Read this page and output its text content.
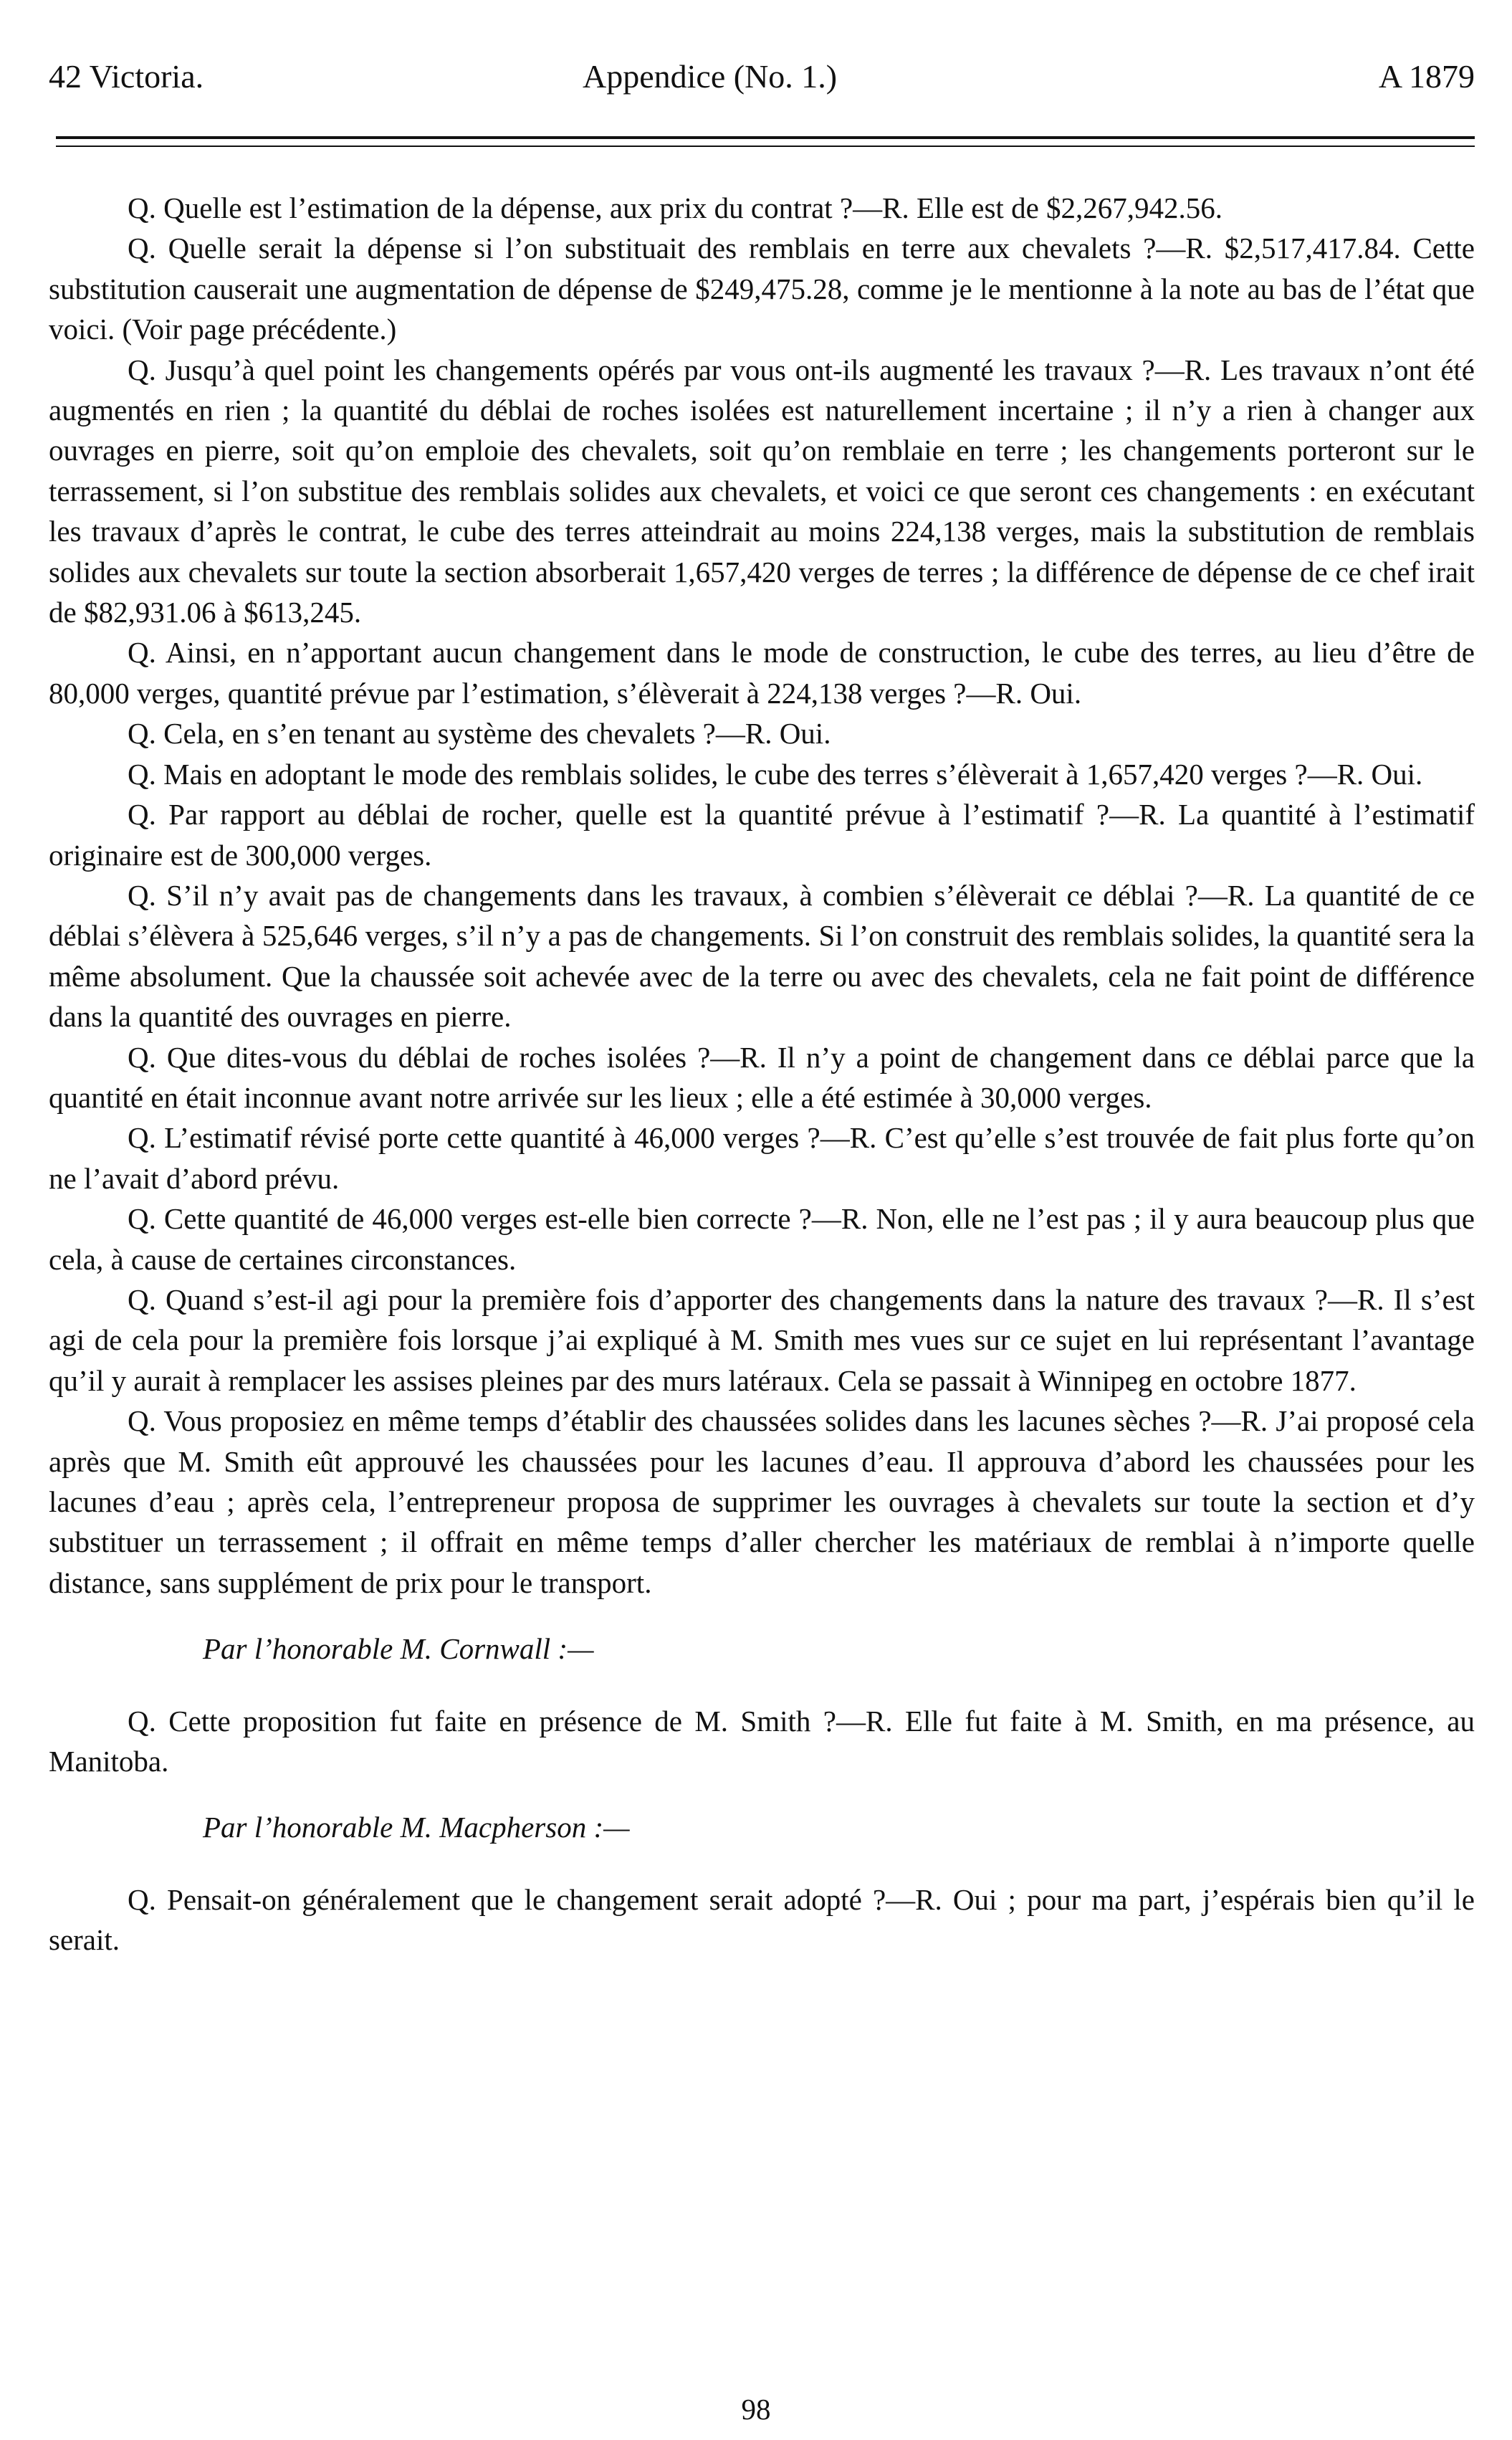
42 Victoria.	Appendice (No. 1.)	A 1879

Q. Quelle est l’estimation de la dépense, aux prix du contrat ?—R. Elle est de $2,267,942.56.

Q. Quelle serait la dépense si l’on substituait des remblais en terre aux chevalets ?—R. $2,517,417.84. Cette substitution causerait une augmentation de dépense de $249,475.28, comme je le mentionne à la note au bas de l’état que voici. (Voir page précédente.)

Q. Jusqu’à quel point les changements opérés par vous ont-ils augmenté les travaux ?—R. Les travaux n’ont été augmentés en rien ; la quantité du déblai de roches isolées est naturellement incertaine ; il n’y a rien à changer aux ouvrages en pierre, soit qu’on emploie des chevalets, soit qu’on remblaie en terre ; les changements porteront sur le terrassement, si l’on substitue des remblais solides aux chevalets, et voici ce que seront ces changements : en exécutant les travaux d’après le contrat, le cube des terres atteindrait au moins 224,138 verges, mais la substitution de remblais solides aux chevalets sur toute la section absorberait 1,657,420 verges de terres ; la différence de dépense de ce chef irait de $82,931.06 à $613,245.

Q. Ainsi, en n’apportant aucun changement dans le mode de construction, le cube des terres, au lieu d’être de 80,000 verges, quantité prévue par l’estimation, s’élèverait à 224,138 verges ?—R. Oui.

Q. Cela, en s’en tenant au système des chevalets ?—R. Oui.

Q. Mais en adoptant le mode des remblais solides, le cube des terres s’élèverait à 1,657,420 verges ?—R. Oui.

Q. Par rapport au déblai de rocher, quelle est la quantité prévue à l’estimatif ?—R. La quantité à l’estimatif originaire est de 300,000 verges.

Q. S’il n’y avait pas de changements dans les travaux, à combien s’élèverait ce déblai ?—R. La quantité de ce déblai s’élèvera à 525,646 verges, s’il n’y a pas de changements. Si l’on construit des remblais solides, la quantité sera la même absolument. Que la chaussée soit achevée avec de la terre ou avec des chevalets, cela ne fait point de différence dans la quantité des ouvrages en pierre.

Q. Que dites-vous du déblai de roches isolées ?—R. Il n’y a point de changement dans ce déblai parce que la quantité en était inconnue avant notre arrivée sur les lieux ; elle a été estimée à 30,000 verges.

Q. L’estimatif révisé porte cette quantité à 46,000 verges ?—R. C’est qu’elle s’est trouvée de fait plus forte qu’on ne l’avait d’abord prévu.

Q. Cette quantité de 46,000 verges est-elle bien correcte ?—R. Non, elle ne l’est pas ; il y aura beaucoup plus que cela, à cause de certaines circonstances.

Q. Quand s’est-il agi pour la première fois d’apporter des changements dans la nature des travaux ?—R. Il s’est agi de cela pour la première fois lorsque j’ai expliqué à M. Smith mes vues sur ce sujet en lui représentant l’avantage qu’il y aurait à remplacer les assises pleines par des murs latéraux. Cela se passait à Winnipeg en octobre 1877.

Q. Vous proposiez en même temps d’établir des chaussées solides dans les lacunes sèches ?—R. J’ai proposé cela après que M. Smith eût approuvé les chaussées pour les lacunes d’eau. Il approuva d’abord les chaussées pour les lacunes d’eau ; après cela, l’entrepreneur proposa de supprimer les ouvrages à chevalets sur toute la section et d’y substituer un terrassement ; il offrait en même temps d’aller chercher les matériaux de remblai à n’importe quelle distance, sans supplément de prix pour le transport.

Par l’honorable M. Cornwall :—

Q. Cette proposition fut faite en présence de M. Smith ?—R. Elle fut faite à M. Smith, en ma présence, au Manitoba.

Par l’honorable M. Macpherson :—

Q. Pensait-on généralement que le changement serait adopté ?—R. Oui ; pour ma part, j’espérais bien qu’il le serait.

98
